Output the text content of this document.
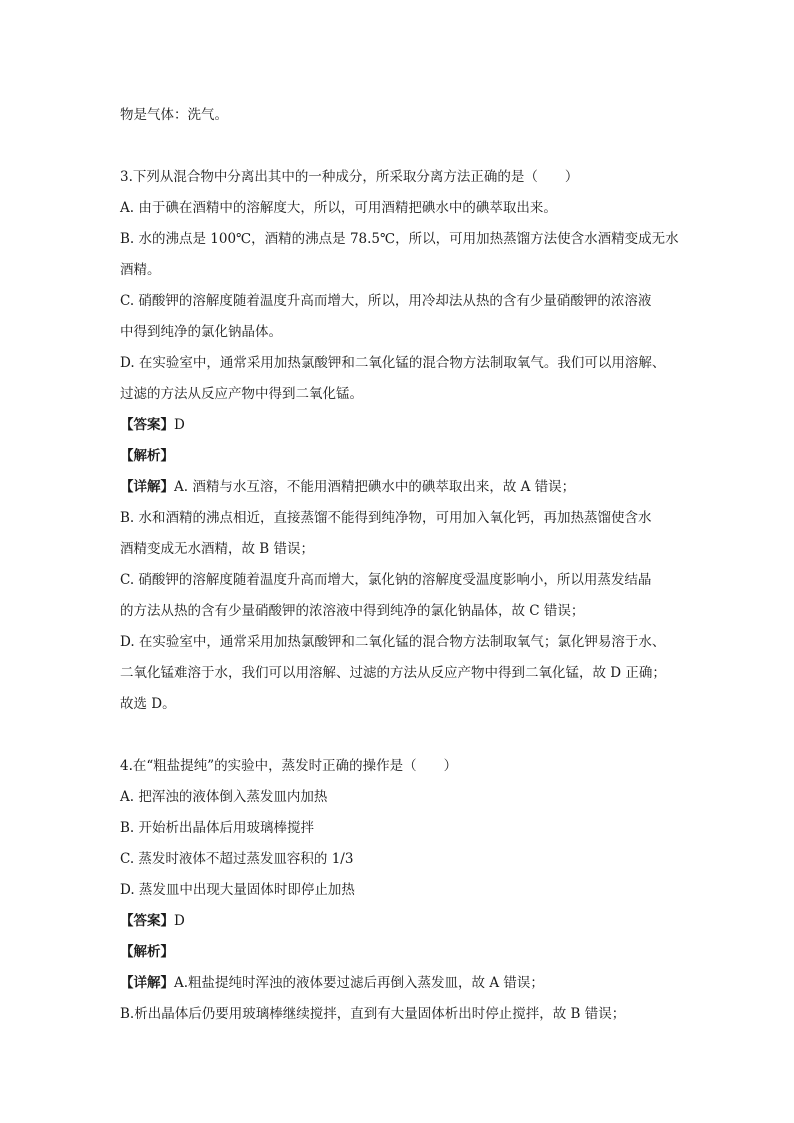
物是气体：洗气。
3.下列从混合物中分离出其中的一种成分，所采取分离方法正确的是（　　）
A. 由于碘在酒精中的溶解度大，所以，可用酒精把碘水中的碘萃取出来。
B. 水的沸点是 100℃，酒精的沸点是 78.5℃，所以，可用加热蒸馏方法使含水酒精变成无水
酒精。
C. 硝酸钾的溶解度随着温度升高而增大，所以，用冷却法从热的含有少量硝酸钾的浓溶液
中得到纯净的氯化钠晶体。
D. 在实验室中，通常采用加热氯酸钾和二氧化锰的混合物方法制取氧气。我们可以用溶解、
过滤的方法从反应产物中得到二氧化锰。
【答案】D
【解析】
【详解】A. 酒精与水互溶，不能用酒精把碘水中的碘萃取出来，故 A 错误；
B. 水和酒精的沸点相近，直接蒸馏不能得到纯净物，可用加入氧化钙，再加热蒸馏使含水
酒精变成无水酒精，故 B 错误；
C. 硝酸钾的溶解度随着温度升高而增大，氯化钠的溶解度受温度影响小，所以用蒸发结晶
的方法从热的含有少量硝酸钾的浓溶液中得到纯净的氯化钠晶体，故 C 错误；
D. 在实验室中，通常采用加热氯酸钾和二氧化锰的混合物方法制取氧气；氯化钾易溶于水、
二氧化锰难溶于水，我们可以用溶解、过滤的方法从反应产物中得到二氧化锰，故 D 正确；
故选 D。
4.在“粗盐提纯”的实验中，蒸发时正确的操作是（　　）
A. 把浑浊的液体倒入蒸发皿内加热
B. 开始析出晶体后用玻璃棒搅拌
C. 蒸发时液体不超过蒸发皿容积的 1/3
D. 蒸发皿中出现大量固体时即停止加热
【答案】D
【解析】
【详解】A.粗盐提纯时浑浊的液体要过滤后再倒入蒸发皿，故 A 错误；
B.析出晶体后仍要用玻璃棒继续搅拌，直到有大量固体析出时停止搅拌，故 B 错误；
